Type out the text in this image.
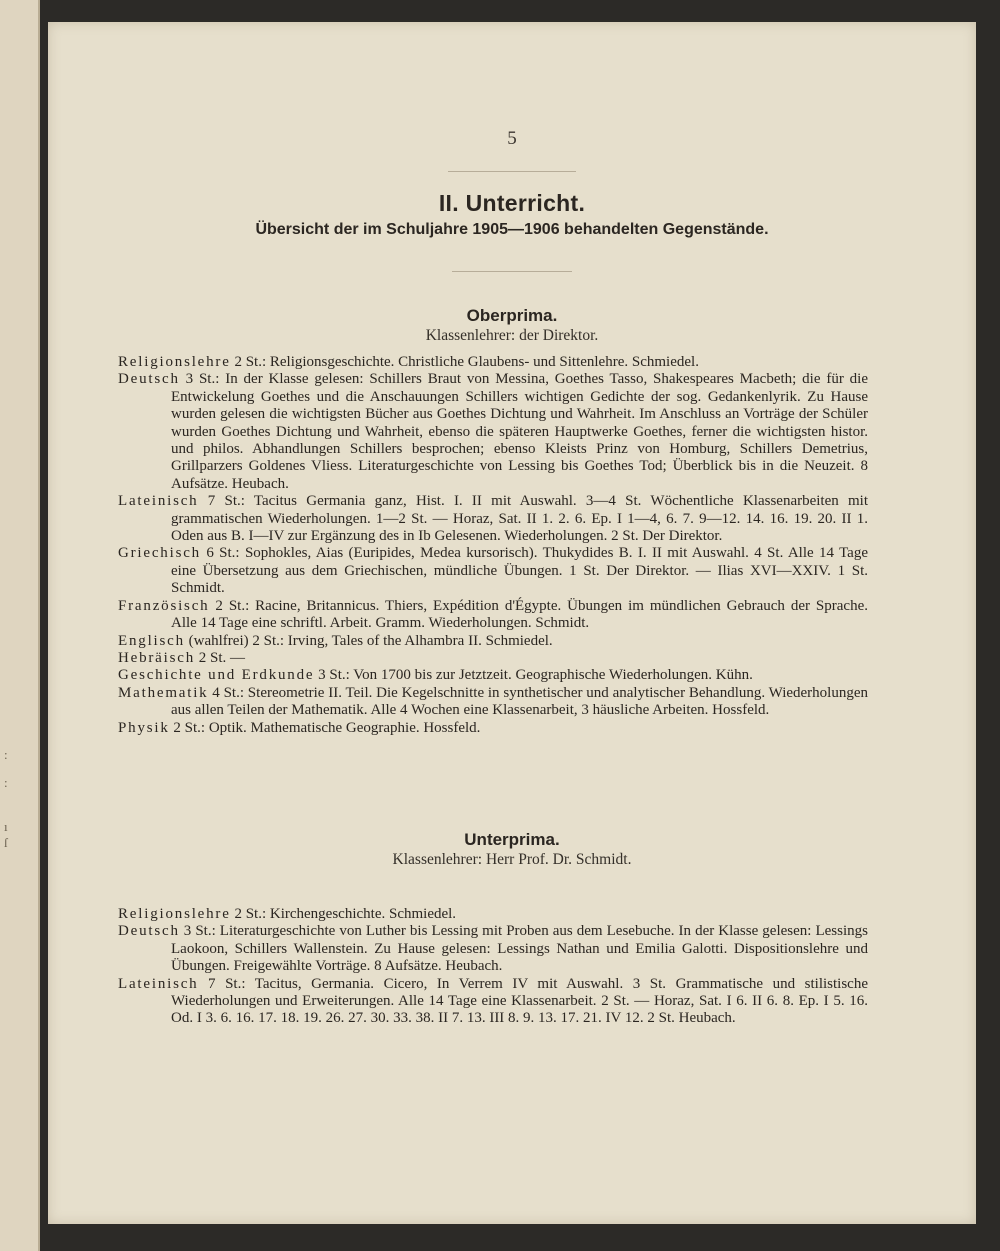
:
:
ı
ſ
5
II. Unterricht.
Übersicht der im Schuljahre 1905—1906 behandelten Gegenstände.
Oberprima.
Klassenlehrer: der Direktor.

Religionslehre 2 St.: Religionsgeschichte. Christliche Glaubens- und Sittenlehre. Schmiedel.

Deutsch 3 St.: In der Klasse gelesen: Schillers Braut von Messina, Goethes Tasso, Shakespeares Macbeth; die für die Entwickelung Goethes und die Anschauungen Schillers wichtigen Gedichte der sog. Gedankenlyrik. Zu Hause wurden gelesen die wichtigsten Bücher aus Goethes Dichtung und Wahrheit. Im Anschluss an Vorträge der Schüler wurden Goethes Dichtung und Wahrheit, ebenso die späteren Hauptwerke Goethes, ferner die wichtigsten histor. und philos. Abhandlungen Schillers besprochen; ebenso Kleists Prinz von Homburg, Schillers Demetrius, Grillparzers Goldenes Vliess. Literaturgeschichte von Lessing bis Goethes Tod; Überblick bis in die Neuzeit. 8 Aufsätze. Heubach.

Lateinisch 7 St.: Tacitus Germania ganz, Hist. I. II mit Auswahl. 3—4 St. Wöchentliche Klassenarbeiten mit grammatischen Wiederholungen. 1—2 St. — Horaz, Sat. II 1. 2. 6. Ep. I 1—4, 6. 7. 9—12. 14. 16. 19. 20. II 1. Oden aus B. I—IV zur Ergänzung des in Ib Gelesenen. Wiederholungen. 2 St. Der Direktor.

Griechisch 6 St.: Sophokles, Aias (Euripides, Medea kursorisch). Thukydides B. I. II mit Auswahl. 4 St. Alle 14 Tage eine Übersetzung aus dem Griechischen, mündliche Übungen. 1 St. Der Direktor. — Ilias XVI—XXIV. 1 St. Schmidt.

Französisch 2 St.: Racine, Britannicus. Thiers, Expédition d'Égypte. Übungen im mündlichen Gebrauch der Sprache. Alle 14 Tage eine schriftl. Arbeit. Gramm. Wiederholungen. Schmidt.

Englisch (wahlfrei) 2 St.: Irving, Tales of the Alhambra II. Schmiedel.

Hebräisch 2 St. —

Geschichte und Erdkunde 3 St.: Von 1700 bis zur Jetztzeit. Geographische Wiederholungen. Kühn.

Mathematik 4 St.: Stereometrie II. Teil. Die Kegelschnitte in synthetischer und analytischer Behandlung. Wiederholungen aus allen Teilen der Mathematik. Alle 4 Wochen eine Klassenarbeit, 3 häusliche Arbeiten. Hossfeld.

Physik 2 St.: Optik. Mathematische Geographie. Hossfeld.

Unterprima.
Klassenlehrer: Herr Prof. Dr. Schmidt.

Religionslehre 2 St.: Kirchengeschichte. Schmiedel.

Deutsch 3 St.: Literaturgeschichte von Luther bis Lessing mit Proben aus dem Lesebuche. In der Klasse gelesen: Lessings Laokoon, Schillers Wallenstein. Zu Hause gelesen: Lessings Nathan und Emilia Galotti. Dispositionslehre und Übungen. Freigewählte Vorträge. 8 Aufsätze. Heubach.

Lateinisch 7 St.: Tacitus, Germania. Cicero, In Verrem IV mit Auswahl. 3 St. Grammatische und stilistische Wiederholungen und Erweiterungen. Alle 14 Tage eine Klassenarbeit. 2 St. — Horaz, Sat. I 6. II 6. 8. Ep. I 5. 16. Od. I 3. 6. 16. 17. 18. 19. 26. 27. 30. 33. 38. II 7. 13. III 8. 9. 13. 17. 21. IV 12. 2 St. Heubach.
